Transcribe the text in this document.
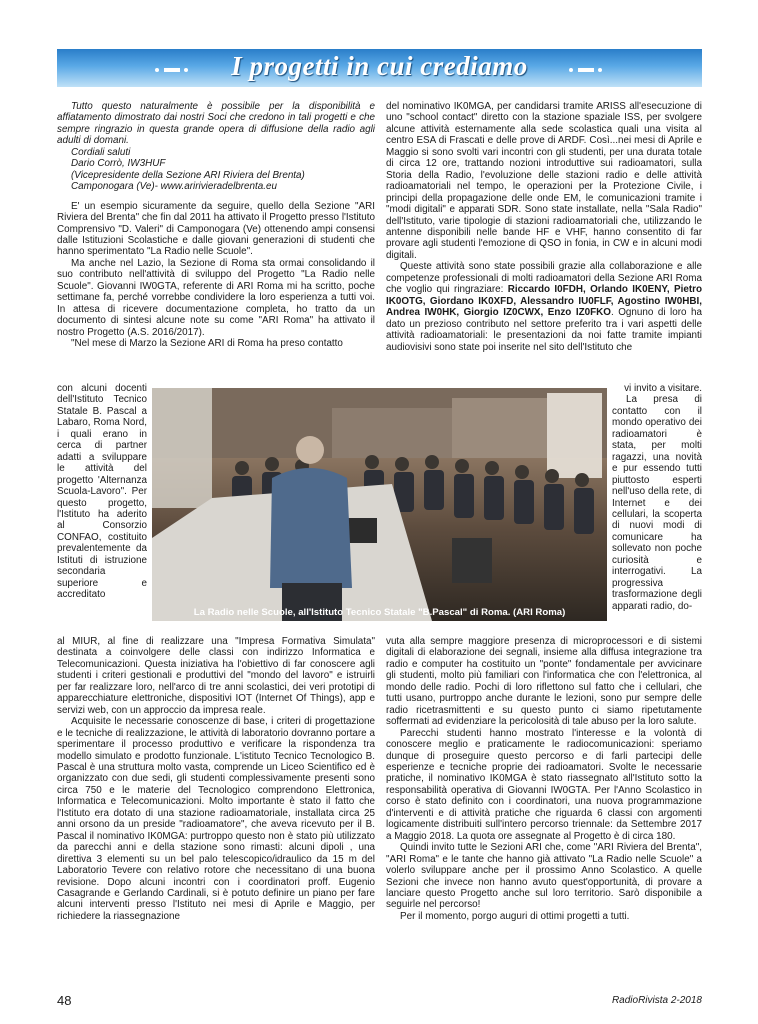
I progetti in cui crediamo

Tutto questo naturalmente è possibile per la disponibilità e affiatamento dimostrato dai nostri Soci che credono in tali progetti e che sempre ringrazio in questa grande opera di diffusione della radio agli adulti di domani.

Cordiali saluti

Dario Corrò, IW3HUF

(Vicepresidente della Sezione ARI Riviera del Brenta)

Camponogara (Ve)- www.aririvieradelbrenta.eu

E' un esempio sicuramente da seguire, quello della Sezione "ARI Riviera del Brenta" che fin dal 2011 ha attivato il Progetto presso l'Istituto Comprensivo "D. Valeri" di Camponogara (Ve) ottenendo ampi consensi dalle Istituzioni Scolastiche e dalle giovani generazioni di studenti che hanno sperimentato "La Radio nelle Scuole".

Ma anche nel Lazio, la Sezione di Roma sta ormai consolidando il suo contributo nell'attività di sviluppo del Progetto "La Radio nelle Scuole". Giovanni IW0GTA, referente di ARI Roma mi ha scritto, poche settimane fa, perché vorrebbe condividere la loro esperienza a tutti voi. In attesa di ricevere documentazione completa, ho tratto da un documento di sintesi alcune note su come "ARI Roma" ha attivato il nostro Progetto (A.S. 2016/2017).

"Nel mese di Marzo la Sezione ARI di Roma ha preso contatto

con alcuni docenti dell'Istituto Tecnico Statale B. Pascal a Labaro, Roma Nord, i quali erano in cerca di partner adatti a sviluppare le attività del progetto 'Alternanza Scuola-Lavoro". Per questo progetto, l'Istituto ha aderito al Consorzio CONFAO, costituito prevalentemente da Istituti di istruzione secondaria superiore e accreditato

al MIUR, al fine di realizzare una "Impresa Formativa Simulata" destinata a coinvolgere delle classi con indirizzo Informatica e Telecomunicazioni. Questa iniziativa ha l'obiettivo di far conoscere agli studenti i criteri gestionali e produttivi del "mondo del lavoro" e istruirli per far realizzare loro, nell'arco di tre anni scolastici, dei veri prototipi di apparecchiature elettroniche, dispositivi IOT (Internet Of Things), app e servizi web, con un approccio da impresa reale.

Acquisite le necessarie conoscenze di base, i criteri di progettazione e le tecniche di realizzazione, le attività di laboratorio dovranno portare a sperimentare il processo produttivo e verificare la rispondenza tra modello simulato e prodotto funzionale. L'istituto Tecnico Tecnologico B. Pascal è una struttura molto vasta, comprende un Liceo Scientifico ed è organizzato con due sedi, gli studenti complessivamente presenti sono circa 750 e le materie del Tecnologico comprendono Elettronica, Informatica e Telecomunicazioni. Molto importante è stato il fatto che l'Istituto era dotato di una stazione radioamatoriale, installata circa 25 anni orsono da un preside "radioamatore", che aveva ricevuto per il B. Pascal il nominativo IK0MGA: purtroppo questo non è stato più utilizzato da parecchi anni e della stazione sono rimasti: alcuni dipoli , una direttiva 3 elementi su un bel palo telescopico/idraulico da 15 m del Laboratorio Tevere con relativo rotore che necessitano di una buona revisione. Dopo alcuni incontri con i coordinatori proff. Eugenio Casagrande e Gerlando Cardinali, si è potuto definire un piano per fare alcuni interventi presso l'Istituto nei mesi di Aprile e Maggio, per richiedere la riassegnazione

del nominativo IK0MGA, per candidarsi tramite ARISS all'esecuzione di uno "school contact" diretto con la stazione spaziale ISS, per svolgere alcune attività esternamente alla sede scolastica quali una visita al centro ESA di Frascati e delle prove di ARDF. Così...nei mesi di Aprile e Maggio si sono svolti vari incontri con gli studenti, per una durata totale di circa 12 ore, trattando nozioni introduttive sui radioamatori, sulla Storia della Radio, l'evoluzione delle stazioni radio e delle attività radioamatoriali nel tempo, le operazioni per la Protezione Civile, i principi della propagazione delle onde EM, le comunicazioni tramite i "modi digitali" e apparati SDR. Sono state installate, nella "Sala Radio" dell'Istituto, varie tipologie di stazioni radioamatoriali che, utilizzando le antenne disponibili nelle bande HF e VHF, hanno consentito di far provare agli studenti l'emozione di QSO in fonia, in CW e in alcuni modi digitali.

Queste attività sono state possibili grazie alla collaborazione e alle competenze professionali di molti radioamatori della Sezione ARI Roma che voglio qui ringraziare: Riccardo I0FDH, Orlando IK0ENY, Pietro IK0OTG, Giordano IK0XFD, Alessandro IU0FLF, Agostino IW0HBI, Andrea IW0HK, Giorgio IZ0CWX, Enzo IZ0FKO. Ognuno di loro ha dato un prezioso contributo nel settore preferito tra i vari aspetti delle attività radioamatoriali: le presentazioni da noi fatte tramite impianti audiovisivi sono state poi inserite nel sito dell'Istituto che

vi invito a visitare.
La presa di contatto con il mondo operativo dei radioamatori è stata, per molti ragazzi, una novità e pur essendo tutti piuttosto esperti nell'uso della rete, di Internet e dei cellulari, la scoperta di nuovi modi di comunicare ha sollevato non poche curiosità e interrogativi. La progressiva trasformazione degli apparati radio, do-

vuta alla sempre maggiore presenza di microprocessori e di sistemi digitali di elaborazione dei segnali, insieme alla diffusa integrazione tra radio e computer ha costituito un "ponte" fondamentale per avvicinare gli studenti, molto più familiari con l'informatica che con l'elettronica, al mondo delle radio. Pochi di loro riflettono sul fatto che i cellulari, che tutti usano, purtroppo anche durante le lezioni, sono pur sempre delle radio ricetrasmittenti e su questo punto ci siamo ripetutamente soffermati ad evidenziare la pericolosità di tale abuso per la loro salute.

Parecchi studenti hanno mostrato l'interesse e la volontà di conoscere meglio e praticamente le radiocomunicazioni: speriamo dunque di proseguire questo percorso e di farli partecipi delle esperienze e tecniche proprie dei radioamatori. Svolte le necessarie pratiche, il nominativo IK0MGA è stato riassegnato all'Istituto sotto la responsabilità operativa di Giovanni IW0GTA. Per l'Anno Scolastico in corso è stato definito con i coordinatori, una nuova programmazione d'interventi e di attività pratiche che riguarda 6 classi con argomenti logicamente distribuiti sull'intero percorso triennale: da Settembre 2017 a Maggio 2018. La quota ore assegnate al Progetto è di circa 180.

Quindi invito tutte le Sezioni ARI che, come "ARI Riviera del Brenta", "ARI Roma" e le tante che hanno già attivato "La Radio nelle Scuole" a volerlo sviluppare anche per il prossimo Anno Scolastico. A quelle Sezioni che invece non hanno avuto quest'opportunità, di provare a lanciare questo Progetto anche sul loro territorio. Sarò disponibile a seguirle nel percorso!

Per il momento, porgo auguri di ottimi progetti a tutti.

La Radio nelle Scuole, all'Istituto Tecnico Statale "B.Pascal" di Roma. (ARI Roma)
48	RadioRivista 2-2018
